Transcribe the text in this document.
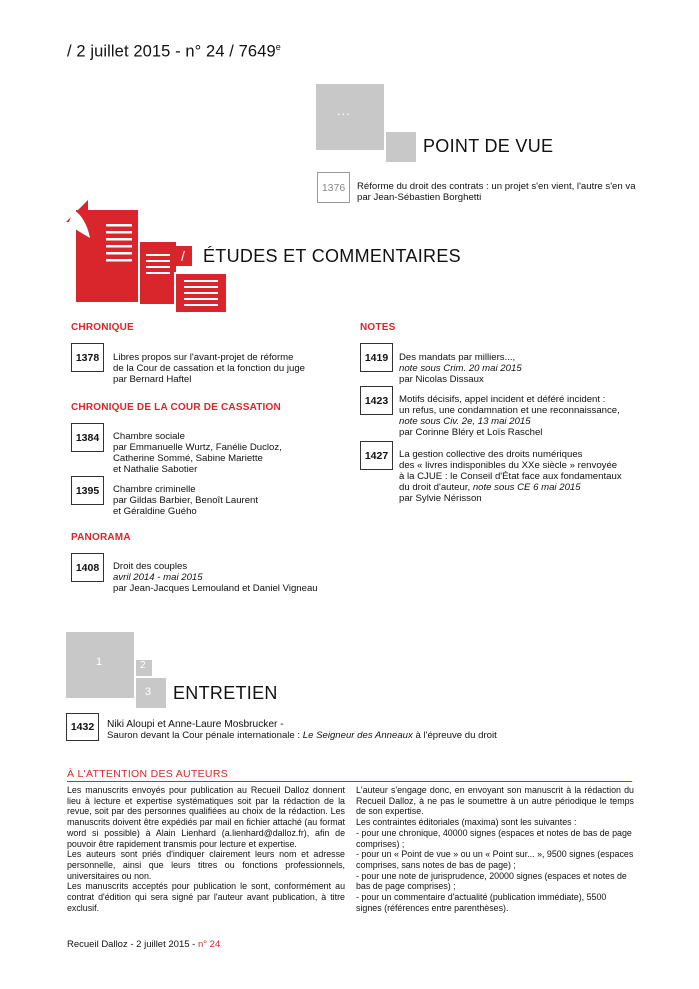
/ 2 juillet 2015 - n° 24 / 7649e
...
POINT DE VUE
1376	Réforme du droit des contrats : un projet s'en vient, l'autre s'en va
par Jean-Sébastien Borghetti
/	ÉTUDES ET COMMENTAIRES
CHRONIQUE
1378	Libres propos sur l'avant-projet de réforme
de la Cour de cassation et la fonction du juge
par Bernard Haftel
CHRONIQUE DE LA COUR DE CASSATION
1384	Chambre sociale
par Emmanuelle Wurtz, Fanélie Ducloz,
Catherine Sommé, Sabine Mariette
et Nathalie Sabotier
1395	Chambre criminelle
par Gildas Barbier, Benoît Laurent
et Géraldine Guého
PANORAMA
1408	Droit des couples
avril 2014 - mai 2015
par Jean-Jacques Lemouland et Daniel Vigneau
NOTES
1419	Des mandats par milliers...,
note sous Crim. 20 mai 2015
par Nicolas Dissaux
1423	Motifs décisifs, appel incident et déféré incident :
un refus, une condamnation et une reconnaissance,
note sous Civ. 2e, 13 mai 2015
par Corinne Bléry et Loïs Raschel
1427	La gestion collective des droits numériques
des « livres indisponibles du XXe siècle » renvoyée
à la CJUE : le Conseil d'État face aux fondamentaux
du droit d'auteur, note sous CE 6 mai 2015
par Sylvie Nérisson
1	2
3 ENTRETIEN
1432	Niki Aloupi et Anne-Laure Mosbrucker -
Sauron devant la Cour pénale internationale : Le Seigneur des Anneaux à l'épreuve du droit
À L'ATTENTION DES AUTEURS

Les manuscrits envoyés pour publication au Recueil Dalloz donnent lieu à lecture et expertise systématiques soit par la rédaction de la revue, soit par des personnes qualifiées au choix de la rédaction. Les manuscrits doivent être expédiés par mail en fichier attaché (au format word si possible) à Alain Lienhard (a.lienhard@dalloz.fr), afin de pouvoir être rapidement transmis pour lecture et expertise.

Les auteurs sont priés d'indiquer clairement leurs nom et adresse personnelle, ainsi que leurs titres ou fonctions professionnels, universitaires ou non.

Les manuscrits acceptés pour publication le sont, conformément au contrat d'édition qui sera signé par l'auteur avant publication, à titre exclusif.

L'auteur s'engage donc, en envoyant son manuscrit à la rédaction du Recueil Dalloz, à ne pas le soumettre à un autre périodique le temps de son expertise.

Les contraintes éditoriales (maxima) sont les suivantes :

- pour une chronique, 40000 signes (espaces et notes de bas de page comprises) ;

- pour un « Point de vue » ou un « Point sur... », 9500 signes (espaces comprises, sans notes de bas de page) ;

- pour une note de jurisprudence, 20000 signes (espaces et notes de bas de page comprises) ;

- pour un commentaire d'actualité (publication immédiate), 5500 signes (références entre parenthèses).

Recueil Dalloz - 2 juillet 2015 - n° 24
